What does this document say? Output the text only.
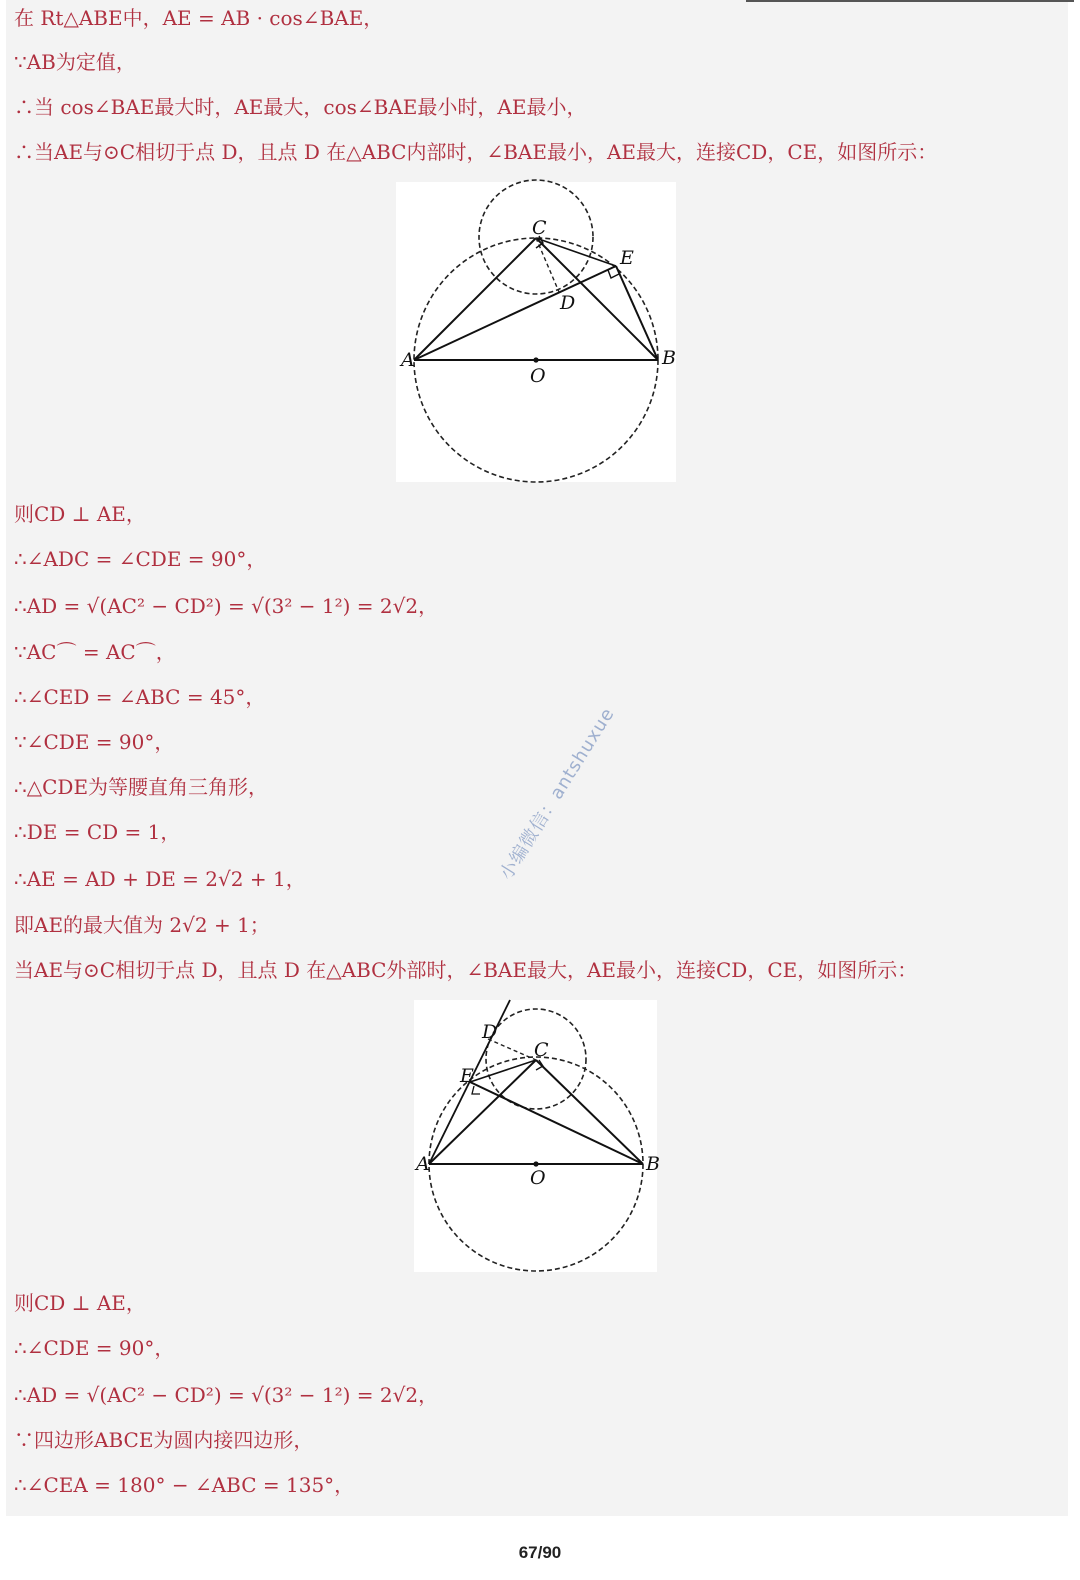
在 Rt△ABE中，AE = AB · cos∠BAE，

∵AB为定值，

∴当 cos∠BAE最大时，AE最大，cos∠BAE最小时，AE最小，

∴当AE与⊙C相切于点 D，且点 D 在△ABC内部时，∠BAE最小，AE最大，连接CD，CE，如图所示：

C
E
D
A	B
O

则CD ⊥ AE，

∴∠ADC = ∠CDE = 90°，

∴AD = √(AC² − CD²) = √(3² − 1²) = 2√2，

∵AC⌒ = AC⌒，

∴∠CED = ∠ABC = 45°，

∵∠CDE = 90°，

∴△CDE为等腰直角三角形，

∴DE = CD = 1，

∴AE = AD + DE = 2√2 + 1，

即AE的最大值为 2√2 + 1；

当AE与⊙C相切于点 D，且点 D 在△ABC外部时，∠BAE最大，AE最小，连接CD，CE，如图所示：

D
C
E
A	B
O

则CD ⊥ AE，

∴∠CDE = 90°，

∴AD = √(AC² − CD²) = √(3² − 1²) = 2√2，

∵四边形ABCE为圆内接四边形，

∴∠CEA = 180° − ∠ABC = 135°，

小编微信：antshuxue
67/90
